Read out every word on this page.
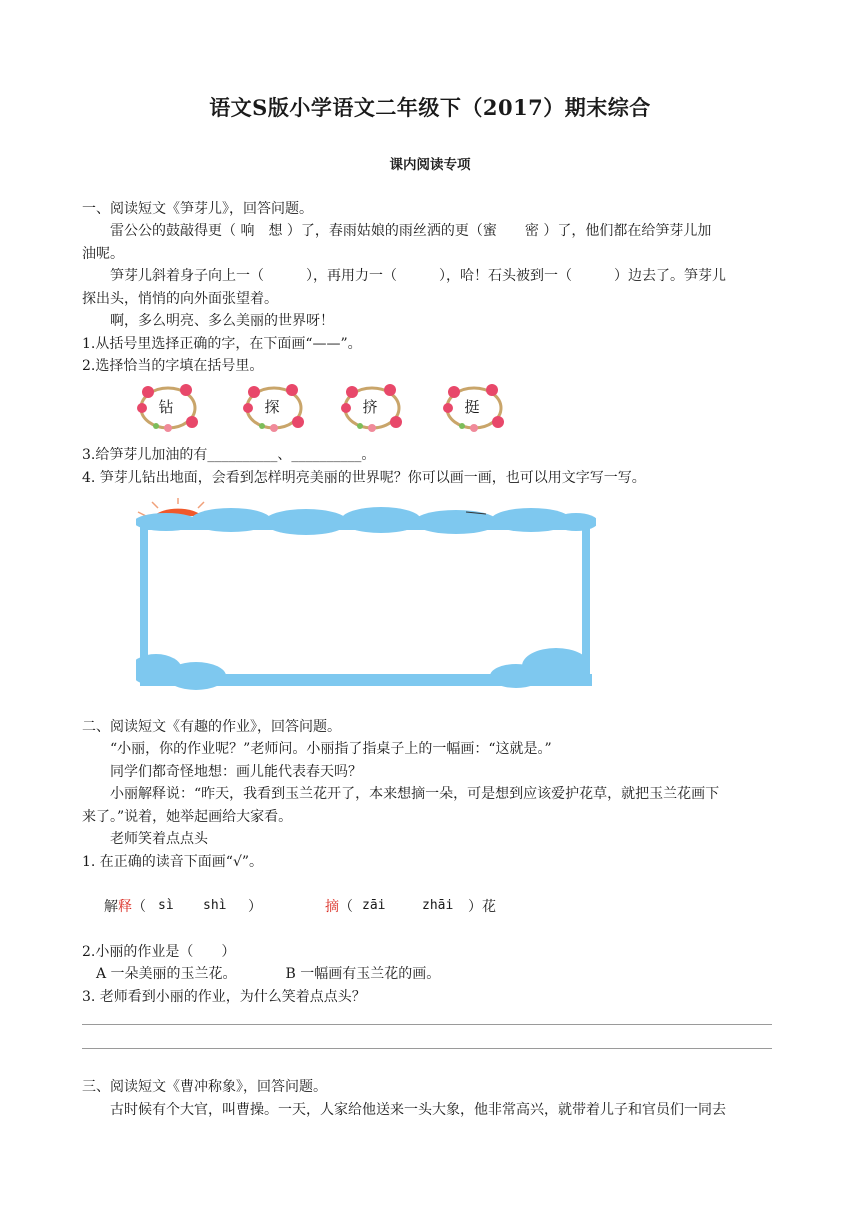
语文S版小学语文二年级下（2017）期末综合
课内阅读专项
一、阅读短文《笋芽儿》，回答问题。
雷公公的鼓敲得更（ 响　想 ）了，春雨姑娘的雨丝洒的更（蜜　　密 ）了，他们都在给笋芽儿加
油呢。
笋芽儿斜着身子向上一（　　　），再用力一（　　　），哈！石头被到一（　　　）边去了。笋芽儿
探出头，悄悄的向外面张望着。
啊，多么明亮、多么美丽的世界呀！
1.从括号里选择正确的字，在下面画“——”。
2.选择恰当的字填在括号里。
钻	探	挤	挺
3.给笋芽儿加油的有__________、__________。
4. 笋芽儿钻出地面，会看到怎样明亮美丽的世界呢？你可以画一画，也可以用文字写一写。
二、阅读短文《有趣的作业》，回答问题。
“小丽，你的作业呢？”老师问。小丽指了指桌子上的一幅画：“这就是。”
同学们都奇怪地想：画儿能代表春天吗？
小丽解释说：“昨天，我看到玉兰花开了，本来想摘一朵，可是想到应该爱护花草，就把玉兰花画下
来了。”说着，她举起画给大家看。
老师笑着点点头
1. 在正确的读音下面画“√”。
解释（ sì shì ）	摘（ zāi	zhāi ）花
2.小丽的作业是（　　）
A 一朵美丽的玉兰花。　　　　B 一幅画有玉兰花的画。
3. 老师看到小丽的作业，为什么笑着点点头？
三、阅读短文《曹冲称象》，回答问题。
古时候有个大官，叫曹操。一天，人家给他送来一头大象，他非常高兴，就带着儿子和官员们一同去
